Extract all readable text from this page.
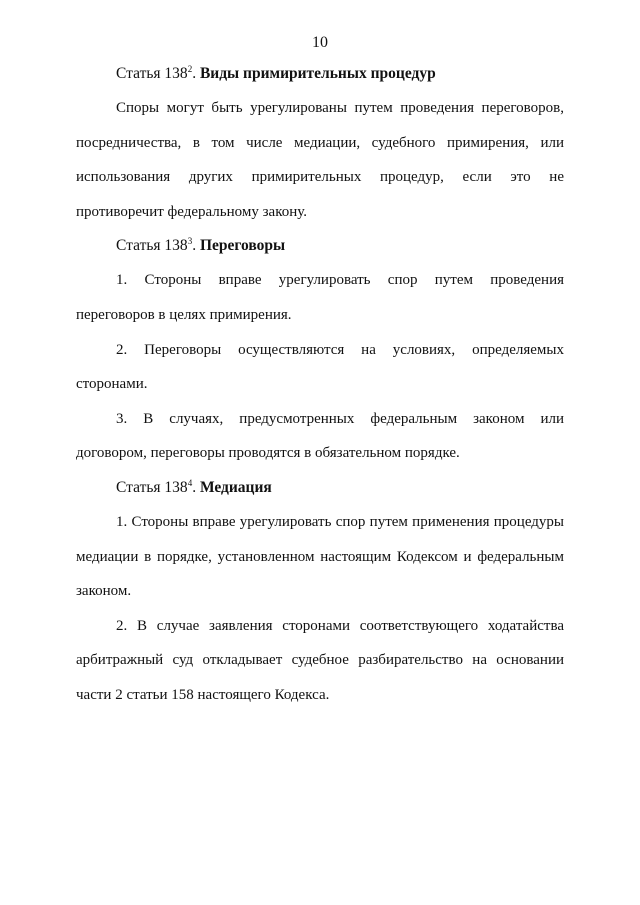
10

Статья $138^2$. Виды примирительных процедур

Споры могут быть урегулированы путем проведения переговоров, посредничества, в том числе медиации, судебного примирения, или использования других примирительных процедур, если это не противоречит федеральному закону.

Статья $138^3$. Переговоры

1. Стороны вправе урегулировать спор путем проведения переговоров в целях примирения.

2. Переговоры осуществляются на условиях, определяемых сторонами.

3. В случаях, предусмотренных федеральным законом или договором, переговоры проводятся в обязательном порядке.

Статья $138^4$. Медиация

1. Стороны вправе урегулировать спор путем применения процедуры медиации в порядке, установленном настоящим Кодексом и федеральным законом.

2. В случае заявления сторонами соответствующего ходатайства арбитражный суд откладывает судебное разбирательство на основании части 2 статьи 158 настоящего Кодекса.
